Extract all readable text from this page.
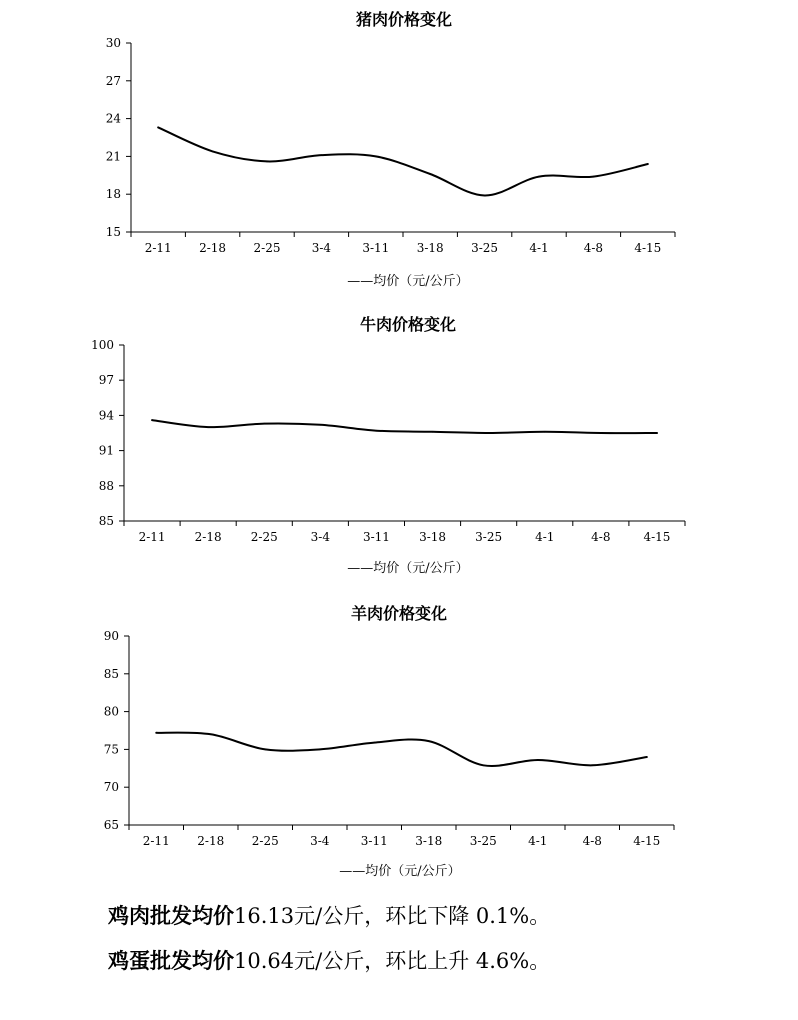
猪肉价格变化
15
18
21
24
27
30
2-11 2-18 2-25	3-4	3-11 3-18 3-25	4-1	4-8	4-15
——均价（元/公斤）
牛肉价格变化
85
88
91
94
97
100
2-11 2-18 2-25	3-4	3-11 3-18 3-25	4-1	4-8	4-15
——均价（元/公斤）
羊肉价格变化
65
70
75
80
85
90
2-11 2-18 2-25	3-4	3-11 3-18 3-25	4-1	4-8	4-15
——均价（元/公斤）
鸡肉批发均价16.13元/公斤，环比下降 0.1%。
鸡蛋批发均价10.64元/公斤，环比上升 4.6%。
